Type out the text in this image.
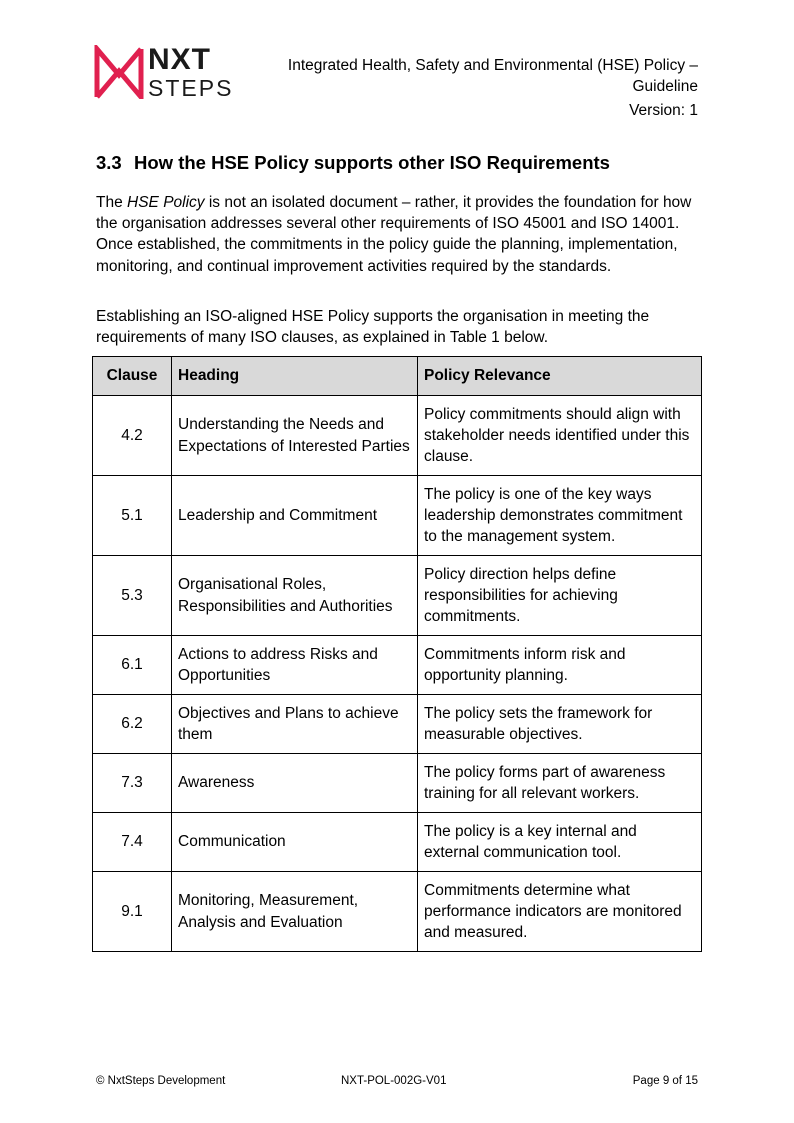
NXT
STEPS
Integrated Health, Safety and Environmental (HSE) Policy – Guideline
Version: 1
3.3 How the HSE Policy supports other ISO Requirements

The HSE Policy is not an isolated document – rather, it provides the foundation for how the organisation addresses several other requirements of ISO 45001 and ISO 14001. Once established, the commitments in the policy guide the planning, implementation, monitoring, and continual improvement activities required by the standards.

Establishing an ISO-aligned HSE Policy supports the organisation in meeting the requirements of many ISO clauses, as explained in Table 1 below.

Clause	Heading	Policy Relevance
4.2	Understanding the Needs and Expectations of Interested Parties	Policy commitments should align with stakeholder needs identified under this clause.
5.1	Leadership and Commitment	The policy is one of the key ways leadership demonstrates commitment to the management system.
5.3	Organisational Roles, Responsibilities and Authorities	Policy direction helps define responsibilities for achieving commitments.
6.1	Actions to address Risks and Opportunities	Commitments inform risk and opportunity planning.
6.2	Objectives and Plans to achieve them	The policy sets the framework for measurable objectives.
7.3	Awareness	The policy forms part of awareness training for all relevant workers.
7.4	Communication	The policy is a key internal and external communication tool.
9.1	Monitoring, Measurement, Analysis and Evaluation	Commitments determine what performance indicators are monitored and measured.
© NxtSteps Development	NXT-POL-002G-V01	Page 9 of 15
